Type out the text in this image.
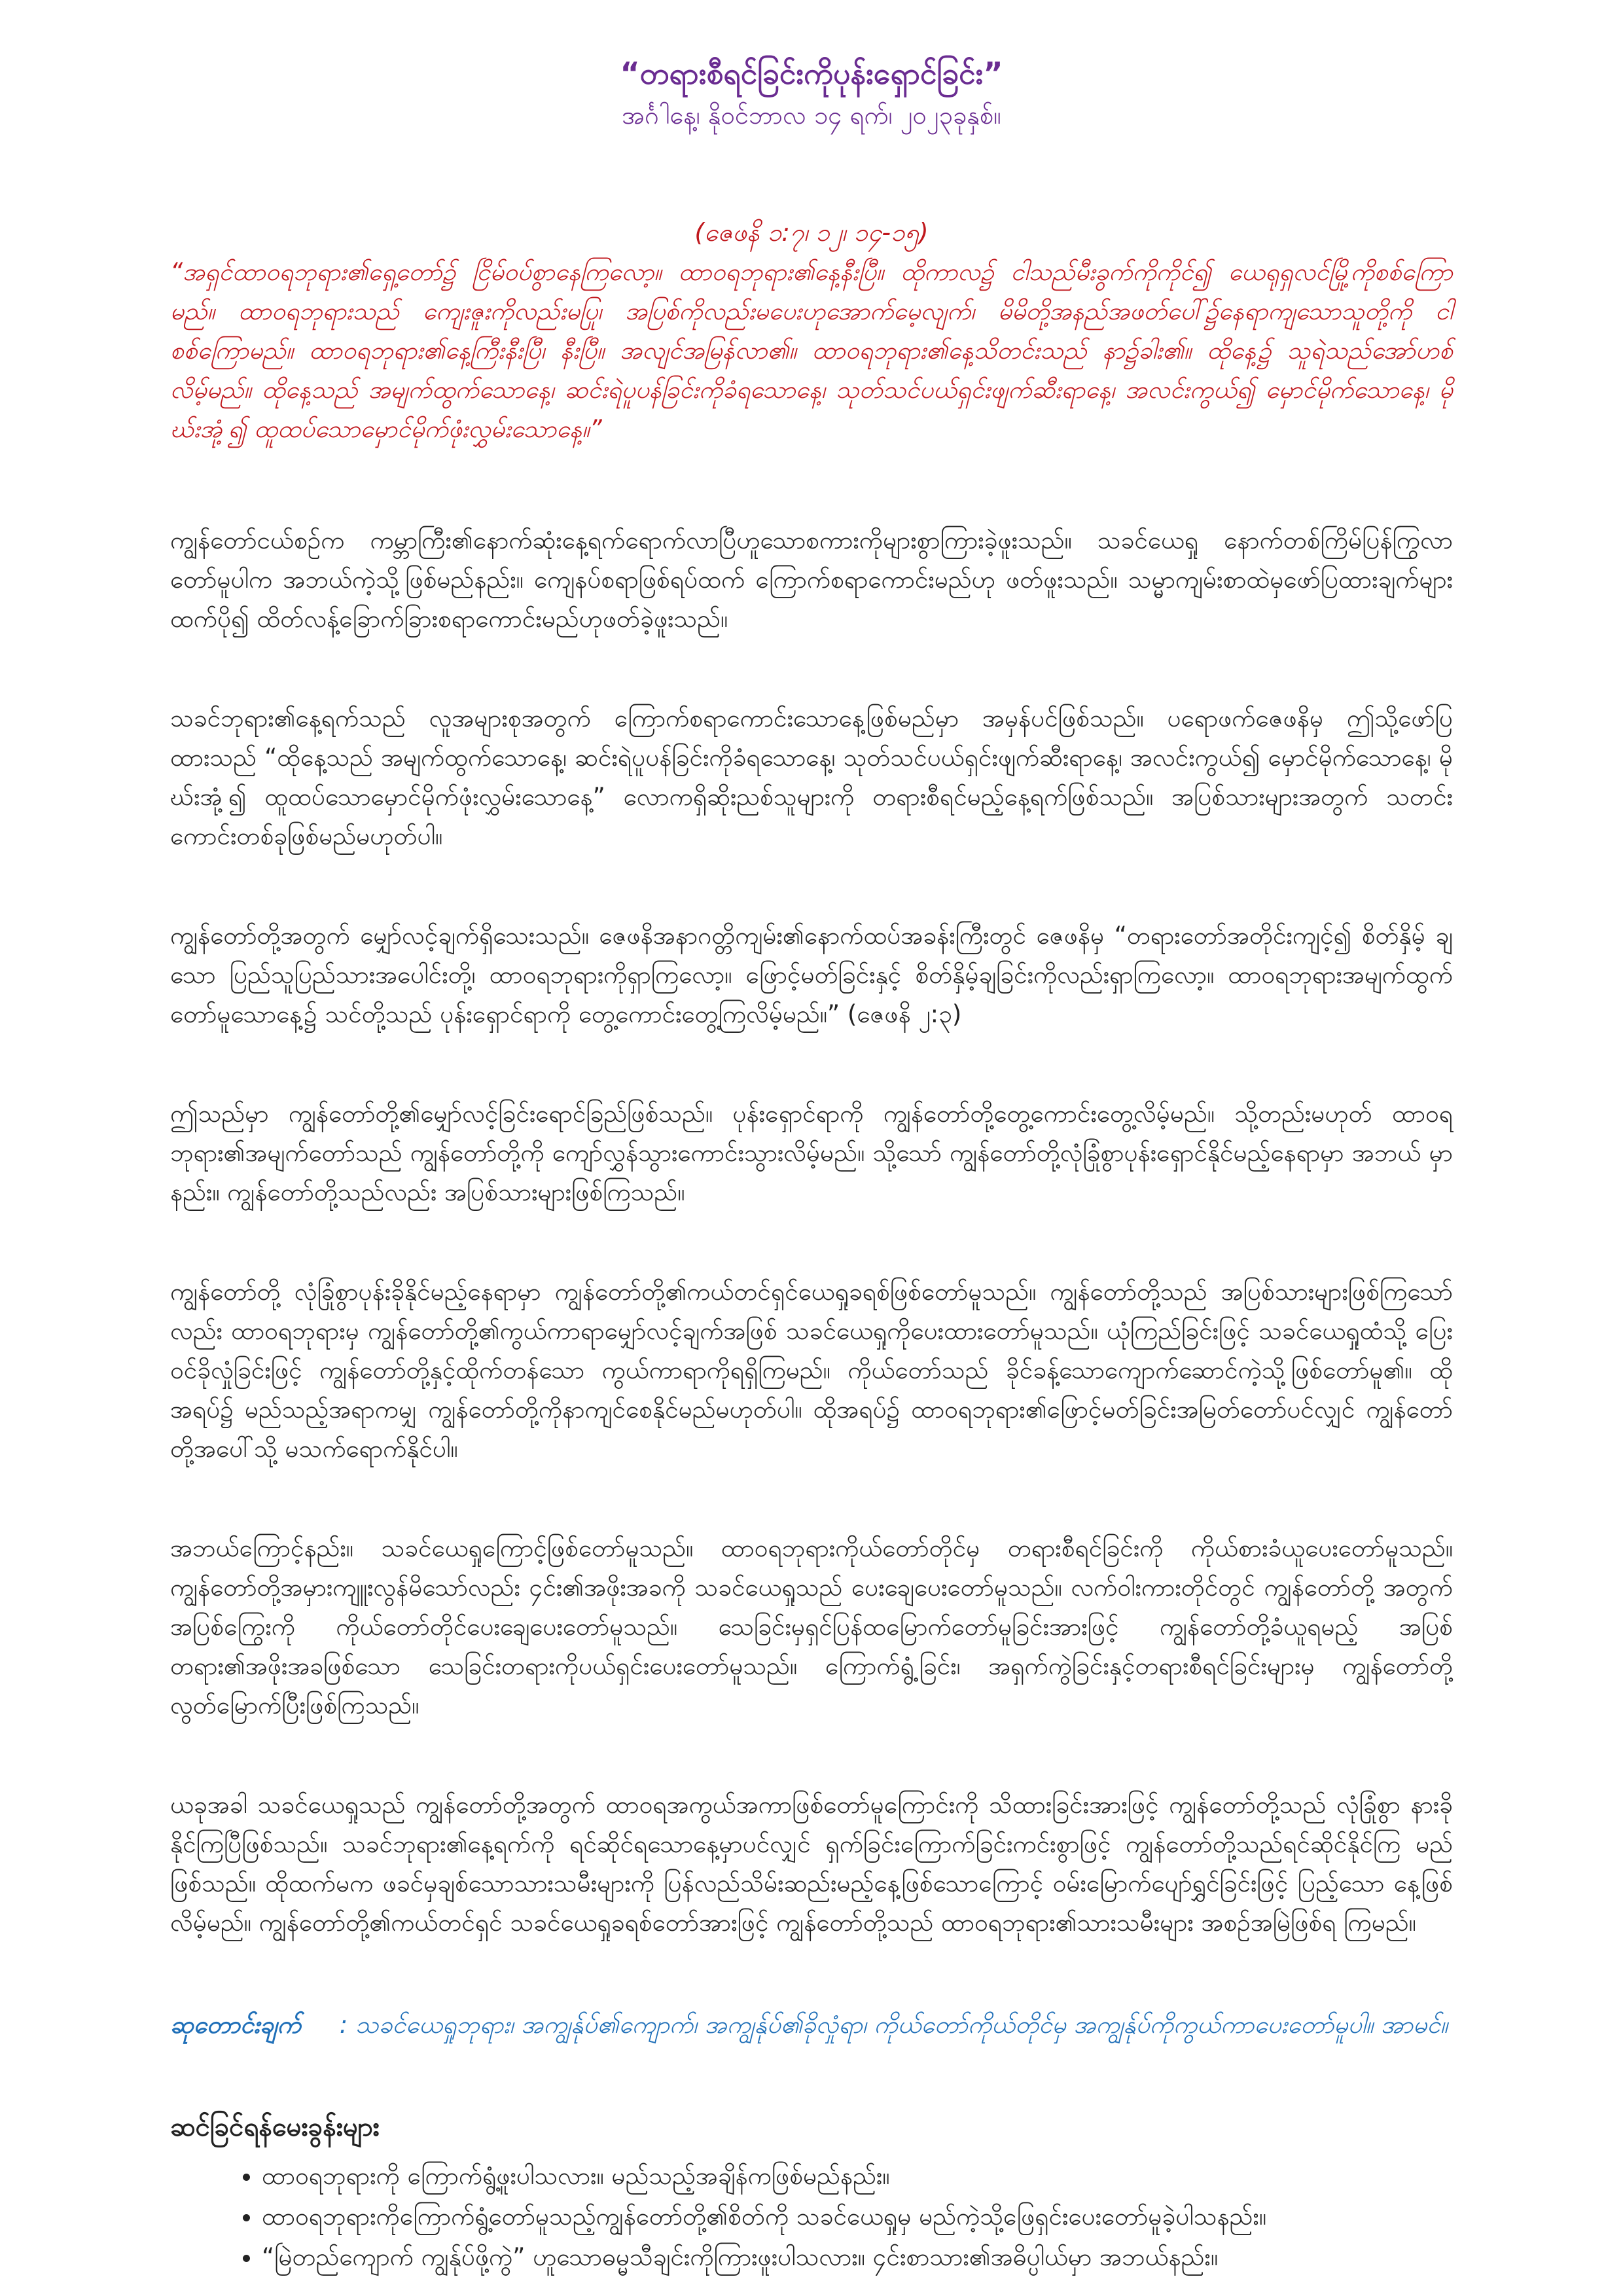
“တရားစီရင်ခြင်းကိုပုန်းရှောင်ခြင်း”
အင်္ဂါနေ့၊ နိုဝင်ဘာလ ၁၄ ရက်၊ ၂၀၂၃ခုနှစ်။
(ဇေဖနိ ၁:၇၊ ၁၂၊ ၁၄-၁၅)

“အရှင်ထာဝရဘုရား၏ရှေ့တော်၌ ငြိမ်ဝပ်စွာနေကြလော့။ ထာဝရဘုရား၏နေ့နီးပြီ။ ထိုကာလ၌ ငါသည်မီးခွက်ကိုကိုင်၍ ယေရုရှလင်မြို့ကိုစစ်ကြော မည်။ ထာဝရဘုရားသည် ကျေးဇူးကိုလည်းမပြု၊ အပြစ်ကိုလည်းမပေးဟုအောက်မေ့လျက်၊ မိမိတို့အနည်အဖတ်ပေါ်၌နေရာကျသောသူတို့ကို ငါ စစ်ကြောမည်။ ထာဝရဘုရား၏နေ့ကြီးနီးပြီ၊ နီးပြီ။ အလျင်အမြန်လာ၏။ ထာဝရဘုရား၏နေ့သိတင်းသည် နာ၌ခါး၏။ ထိုနေ့၌ သူရဲသည်အော်ဟစ် လိမ့်မည်။ ထိုနေ့သည် အမျက်ထွက်သောနေ့၊ ဆင်းရဲပူပန်ခြင်းကိုခံရသောနေ့၊ သုတ်သင်ပယ်ရှင်းဖျက်ဆီးရာနေ့၊ အလင်းကွယ်၍ မှောင်မိုက်သောနေ့၊ မိုဃ်းအုံ့၍ ထူထပ်သောမှောင်မိုက်ဖုံးလွှမ်းသောနေ့။”

ကျွန်တော်ငယ်စဉ်က ကမ္ဘာကြီး၏နောက်ဆုံးနေ့ရက်ရောက်လာပြီဟူသောစကားကိုများစွာကြားခဲ့ဖူးသည်။ သခင်ယေရှု နောက်တစ်ကြိမ်ပြန်ကြွလာ တော်မူပါက အဘယ်ကဲ့သို့ဖြစ်မည်နည်း။ ကျေနပ်စရာဖြစ်ရပ်ထက် ကြောက်စရာကောင်းမည်ဟု ဖတ်ဖူးသည်။ သမ္မာကျမ်းစာထဲမှဖော်ပြထားချက်များ ထက်ပို၍ ထိတ်လန့်ခြောက်ခြားစရာကောင်းမည်ဟုဖတ်ခဲ့ဖူးသည်။

သခင်ဘုရား၏နေ့ရက်သည် လူအများစုအတွက် ကြောက်စရာကောင်းသောနေ့ဖြစ်မည်မှာ အမှန်ပင်ဖြစ်သည်။ ပရောဖက်ဇေဖနိမှ ဤသို့ဖော်ပြ ထားသည် “ထိုနေ့သည် အမျက်ထွက်သောနေ့၊ ဆင်းရဲပူပန်ခြင်းကိုခံရသောနေ့၊ သုတ်သင်ပယ်ရှင်းဖျက်ဆီးရာနေ့၊ အလင်းကွယ်၍ မှောင်မိုက်သောနေ့၊ မိုဃ်းအုံ့၍ ထူထပ်သောမှောင်မိုက်ဖုံးလွှမ်းသောနေ့” လောကရှိဆိုးညစ်သူများကို တရားစီရင်မည့်နေ့ရက်ဖြစ်သည်။ အပြစ်သားများအတွက် သတင်း ကောင်းတစ်ခုဖြစ်မည်မဟုတ်ပါ။

ကျွန်တော်တို့အတွက် မျှော်လင့်ချက်ရှိသေးသည်။ ဇေဖနိအနာဂတ္တိကျမ်း၏နောက်ထပ်အခန်းကြီးတွင် ဇေဖနိမှ “တရားတော်အတိုင်းကျင့်၍ စိတ်နှိမ့် ချသော ပြည်သူပြည်သားအပေါင်းတို့၊ ထာဝရဘုရားကိုရှာကြလော့။ ဖြောင့်မတ်ခြင်းနှင့် စိတ်နှိမ့်ချခြင်းကိုလည်းရှာကြလော့။ ထာဝရဘုရားအမျက်ထွက် တော်မူသောနေ့၌ သင်တို့သည် ပုန်းရှောင်ရာကို တွေ့ကောင်းတွေ့ကြလိမ့်မည်။” (ဇေဖနိ ၂:၃)

ဤသည်မှာ ကျွန်တော်တို့၏မျှော်လင့်ခြင်းရောင်ခြည်ဖြစ်သည်။ ပုန်းရှောင်ရာကို ကျွန်တော်တို့တွေ့ကောင်းတွေ့လိမ့်မည်။ သို့တည်းမဟုတ် ထာဝရ ဘုရား၏အမျက်တော်သည် ကျွန်တော်တို့ကို ကျော်လွှန်သွားကောင်းသွားလိမ့်မည်။ သို့သော် ကျွန်တော်တို့လုံခြုံစွာပုန်းရှောင်နိုင်မည့်နေရာမှာ အဘယ် မှာနည်း။ ကျွန်တော်တို့သည်လည်း အပြစ်သားများဖြစ်ကြသည်။

ကျွန်တော်တို့ လုံခြုံစွာပုန်းခိုနိုင်မည့်နေရာမှာ ကျွန်တော်တို့၏ကယ်တင်ရှင်ယေရှုခရစ်ဖြစ်တော်မူသည်။ ကျွန်တော်တို့သည် အပြစ်သားများဖြစ်ကြသော် လည်း ထာဝရဘုရားမှ ကျွန်တော်တို့၏ကွယ်ကာရာမျှော်လင့်ချက်အဖြစ် သခင်ယေရှုကိုပေးထားတော်မူသည်။ ယုံကြည်ခြင်းဖြင့် သခင်ယေရှုထံသို့ ပြေးဝင်ခိုလှုံခြင်းဖြင့် ကျွန်တော်တို့နှင့်ထိုက်တန်သော ကွယ်ကာရာကိုရရှိကြမည်။ ကိုယ်တော်သည် ခိုင်ခန့်သောကျောက်ဆောင်ကဲ့သို့ဖြစ်တော်မူ၏။ ထိုအရပ်၌ မည်သည့်အရာကမျှ ကျွန်တော်တို့ကိုနာကျင်စေနိုင်မည်မဟုတ်ပါ။ ထိုအရပ်၌ ထာဝရဘုရား၏ဖြောင့်မတ်ခြင်းအမြတ်တော်ပင်လျှင် ကျွန်တော်တို့အပေါ်သို့ မသက်ရောက်နိုင်ပါ။

အဘယ်ကြောင့်နည်း။ သခင်ယေရှုကြောင့်ဖြစ်တော်မူသည်။ ထာဝရဘုရားကိုယ်တော်တိုင်မှ တရားစီရင်ခြင်းကို ကိုယ်စားခံယူပေးတော်မူသည်။ ကျွန်တော်တို့အမှားကျူးလွန်မိသော်လည်း ၄င်း၏အဖိုးအခကို သခင်ယေရှုသည် ပေးချေပေးတော်မူသည်။ လက်ဝါးကားတိုင်တွင် ကျွန်တော်တို့ အတွက်အပြစ်ကြွေးကို ကိုယ်တော်တိုင်ပေးချေပေးတော်မူသည်။ သေခြင်းမှရှင်ပြန်ထမြောက်တော်မူခြင်းအားဖြင့် ကျွန်တော်တို့ခံယူရမည့် အပြစ် တရား၏အဖိုးအခဖြစ်သော သေခြင်းတရားကိုပယ်ရှင်းပေးတော်မူသည်။ ကြောက်ရွံ့ခြင်း၊ အရှက်ကွဲခြင်းနှင့်တရားစီရင်ခြင်းများမှ ကျွန်တော်တို့ လွတ်မြောက်ပြီးဖြစ်ကြသည်။

ယခုအခါ သခင်ယေရှုသည် ကျွန်တော်တို့အတွက် ထာဝရအကွယ်အကာဖြစ်တော်မူကြောင်းကို သိထားခြင်းအားဖြင့် ကျွန်တော်တို့သည် လုံခြုံစွာ နားခိုနိုင်ကြပြီဖြစ်သည်။ သခင်ဘုရား၏နေ့ရက်ကို ရင်ဆိုင်ရသောနေ့မှာပင်လျှင် ရှက်ခြင်းကြောက်ခြင်းကင်းစွာဖြင့် ကျွန်တော်တို့သည်ရင်ဆိုင်နိုင်ကြ မည်ဖြစ်သည်။ ထိုထက်မက ဖခင်မှချစ်သောသားသမီးများကို ပြန်လည်သိမ်းဆည်းမည့်နေ့ဖြစ်သောကြောင့် ဝမ်းမြောက်ပျော်ရွှင်ခြင်းဖြင့် ပြည့်သော နေ့ဖြစ်လိမ့်မည်။ ကျွန်တော်တို့၏ကယ်တင်ရှင် သခင်ယေရှုခရစ်တော်အားဖြင့် ကျွန်တော်တို့သည် ထာဝရဘုရား၏သားသမီးများ အစဉ်အမြဲဖြစ်ရ ကြမည်။

ဆုတောင်းချက် : သခင်ယေရှုဘုရား၊ အကျွန်ုပ်၏ကျောက်၊ အကျွန်ုပ်၏ခိုလှုံရာ၊ ကိုယ်တော်ကိုယ်တိုင်မှ အကျွန်ုပ်ကိုကွယ်ကာပေးတော်မူပါ။ အာမင်။
ဆင်ခြင်ရန်မေးခွန်းများ
• ထာဝရဘုရားကို ကြောက်ရွံ့ဖူးပါသလား။ မည်သည့်အချိန်ကဖြစ်မည်နည်း။
• ထာဝရဘုရားကိုကြောက်ရွံ့တော်မူသည့်ကျွန်တော်တို့၏စိတ်ကို သခင်ယေရှုမှ မည်ကဲ့သို့ဖြေရှင်းပေးတော်မူခဲ့ပါသနည်း။
• “မြဲတည်ကျောက် ကျွန်ုပ်ဖို့ကွဲ” ဟူသောဓမ္မသီချင်းကိုကြားဖူးပါသလား။ ၄င်းစာသား၏အဓိပ္ပါယ်မှာ အဘယ်နည်း။
